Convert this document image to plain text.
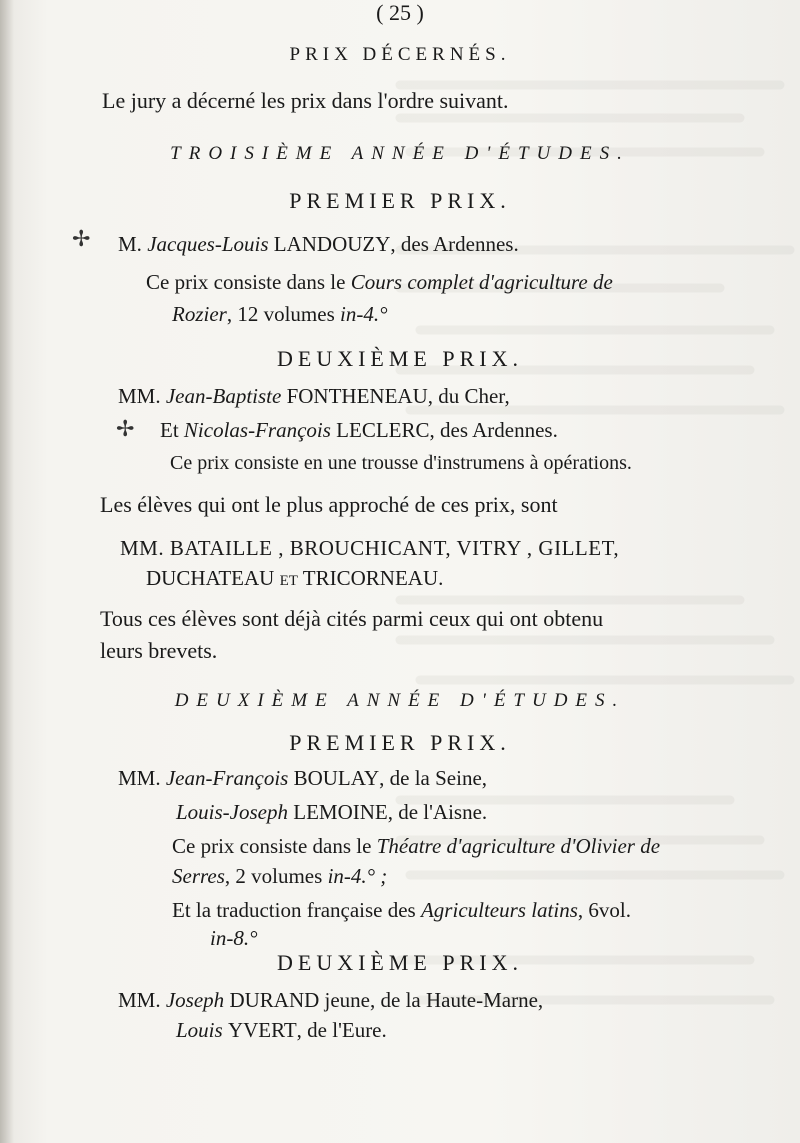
( 25 )
PRIX DÉCERNÉS.
Le jury a décerné les prix dans l'ordre suivant.
TROISIÈME ANNÉE D'ÉTUDES.
PREMIER PRIX.
✢ M. Jacques-Louis LANDOUZY, des Ardennes.
Ce prix consiste dans le Cours complet d'agriculture de
Rozier, 12 volumes in-4.°
DEUXIÈME PRIX.
MM. Jean-Baptiste FONTHENEAU, du Cher,
✢ Et Nicolas-François LECLERC, des Ardennes.
Ce prix consiste en une trousse d'instrumens à opérations.
Les élèves qui ont le plus approché de ces prix, sont
MM. BATAILLE , BROUCHICANT, VITRY , GILLET,
DUCHATEAU et TRICORNEAU.
Tous ces élèves sont déjà cités parmi ceux qui ont obtenu
leurs brevets.
DEUXIÈME ANNÉE D'ÉTUDES.
PREMIER PRIX.
MM. Jean-François BOULAY, de la Seine,
Louis-Joseph LEMOINE, de l'Aisne.
Ce prix consiste dans le Théatre d'agriculture d'Olivier de
Serres, 2 volumes in-4.° ;
Et la traduction française des Agriculteurs latins, 6vol.
in-8.°
DEUXIÈME PRIX.
MM. Joseph DURAND jeune, de la Haute-Marne,
Louis YVERT, de l'Eure.
